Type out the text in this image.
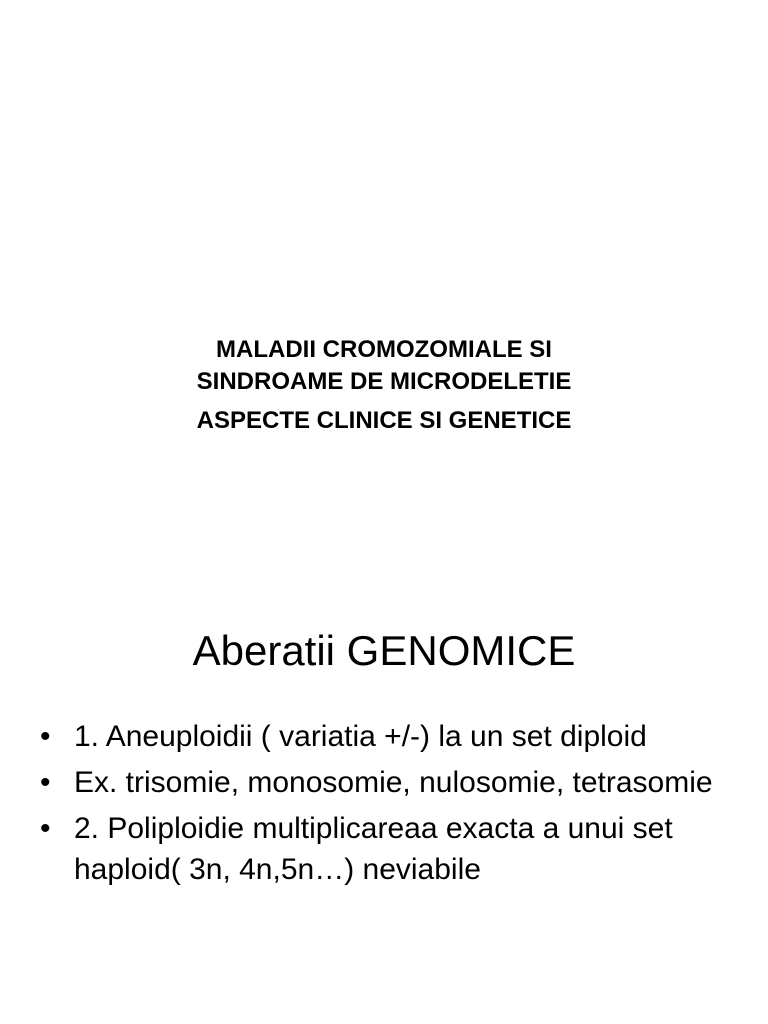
MALADII CROMOZOMIALE SI
SINDROAME DE MICRODELETIE
ASPECTE CLINICE SI GENETICE
Aberatii GENOMICE
• 1. Aneuploidii ( variatia +/-) la un set diploid
• Ex. trisomie, monosomie, nulosomie, tetrasomie
• 2. Poliploidie multiplicareaa exacta a unui set haploid( 3n, 4n,5n…) neviabile
